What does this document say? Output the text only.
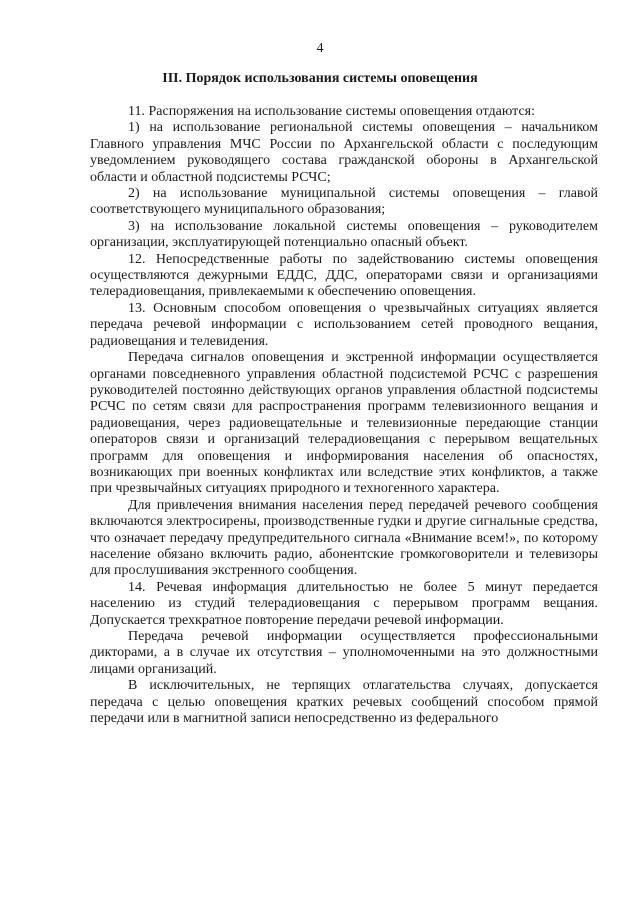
4
III. Порядок использования системы оповещения

11. Распоряжения на использование системы оповещения отдаются:

1) на использование региональной системы оповещения – начальником Главного управления МЧС России по Архангельской области с последующим уведомлением руководящего состава гражданской обороны в Архангельской области и областной подсистемы РСЧС;

2) на использование муниципальной системы оповещения – главой соответствующего муниципального образования;

3) на использование локальной системы оповещения – руководителем организации, эксплуатирующей потенциально опасный объект.

12. Непосредственные работы по задействованию системы оповещения осуществляются дежурными ЕДДС, ДДС, операторами связи и организациями телерадиовещания, привлекаемыми к обеспечению оповещения.

13. Основным способом оповещения о чрезвычайных ситуациях является передача речевой информации с использованием сетей проводного вещания, радиовещания и телевидения.

Передача сигналов оповещения и экстренной информации осуществляется органами повседневного управления областной подсистемой РСЧС с разрешения руководителей постоянно действующих органов управления областной подсистемы РСЧС по сетям связи для распространения программ телевизионного вещания и радиовещания, через радиовещательные и телевизионные передающие станции операторов связи и организаций телерадиовещания с перерывом вещательных программ для оповещения и информирования населения об опасностях, возникающих при военных конфликтах или вследствие этих конфликтов, а также при чрезвычайных ситуациях природного и техногенного характера.

Для привлечения внимания населения перед передачей речевого сообщения включаются электросирены, производственные гудки и другие сигнальные средства, что означает передачу предупредительного сигнала «Внимание всем!», по которому население обязано включить радио, абонентские громкоговорители и телевизоры для прослушивания экстренного сообщения.

14. Речевая информация длительностью не более 5 минут передается населению из студий телерадиовещания с перерывом программ вещания. Допускается трехкратное повторение передачи речевой информации.

Передача речевой информации осуществляется профессиональными дикторами, а в случае их отсутствия – уполномоченными на это должностными лицами организаций.

В исключительных, не терпящих отлагательства случаях, допускается передача с целью оповещения кратких речевых сообщений способом прямой передачи или в магнитной записи непосредственно из федерального
